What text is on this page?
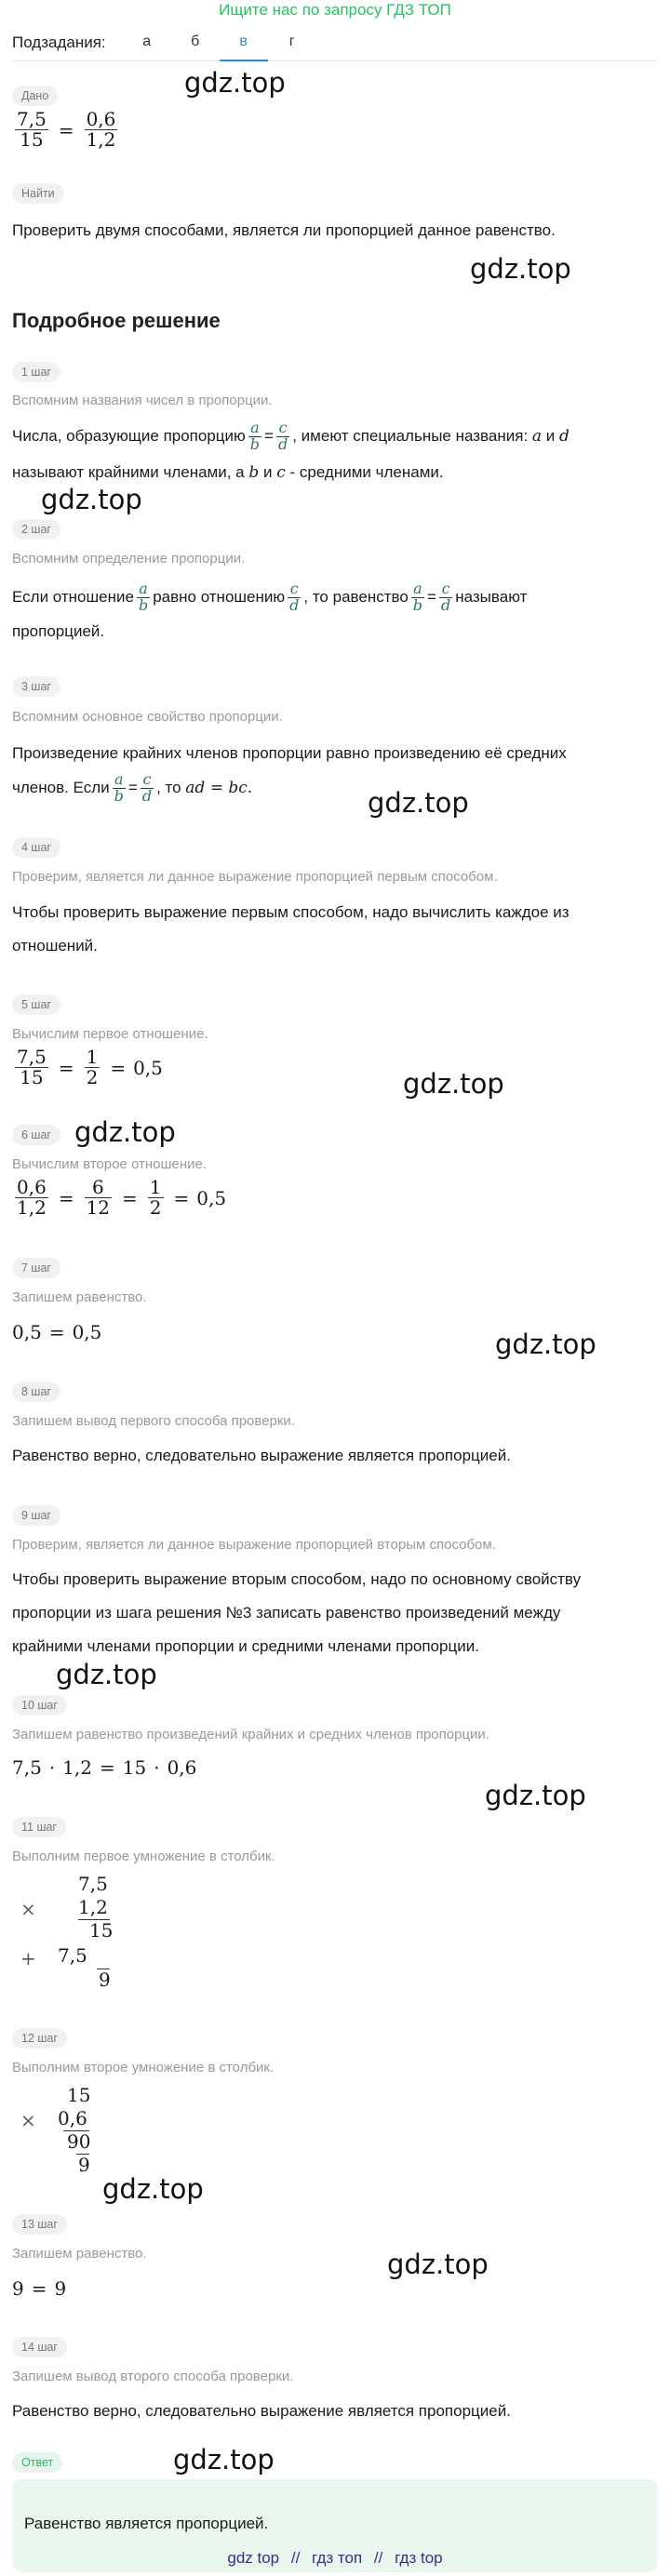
Ищите нас по запросу ГДЗ ТОП
Подзадания:	а	б	в	г
Дано
$\frac{7,5}{15} = \frac{0,6}{1,2}$
Найти
Проверить двумя способами, является ли пропорцией данное равенство.
Подробное решение
1 шаг
Вспомним названия чисел в пропорции.
Числа, образующие пропорцию $\frac{a}{b} = \frac{c}{d}$ , имеют специальные названия: a и d
называют крайними членами, а b и c - средними членами.
2 шаг
Вспомним определение пропорции.
Если отношение $\frac{a}{b}$ равно отношению $\frac{c}{d}$ , то равенство $\frac{a}{b} = \frac{c}{d}$ называют
пропорцией.
3 шаг
Вспомним основное свойство пропорции.
Произведение крайних членов пропорции равно произведению её средних
членов. Если $\frac{a}{b} = \frac{c}{d}$ , то ad = bc.
4 шаг
Проверим, является ли данное выражение пропорцией первым способом.
Чтобы проверить выражение первым способом, надо вычислить каждое из
отношений.
5 шаг
Вычислим первое отношение.
$\frac{7,5}{15} = \frac{1}{2} = 0,5$
6 шаг
Вычислим второе отношение.
$\frac{0,6}{1,2} = \frac{6}{12} = \frac{1}{2} = 0,5$
7 шаг
Запишем равенство.
0,5 = 0,5
8 шаг
Запишем вывод первого способа проверки.
Равенство верно, следовательно выражение является пропорцией.
9 шаг
Проверим, является ли данное выражение пропорцией вторым способом.
Чтобы проверить выражение вторым способом, надо по основному свойству
пропорции из шага решения №3 записать равенство произведений между
крайними членами пропорции и средними членами пропорции.
10 шаг
Запишем равенство произведений крайних и средних членов пропорции.
7,5 · 1,2 = 15 · 0,6
11 шаг
Выполним первое умножение в столбик.
7,5
× 1,2
15
+ 7,5
9
12 шаг
Выполним второе умножение в столбик.
15
× 0,6
90
9
13 шаг
Запишем равенство.
9 = 9
14 шаг
Запишем вывод второго способа проверки.
Равенство верно, следовательно выражение является пропорцией.
Ответ
Равенство является пропорцией.
gdz.top
gdz.top
gdz.top
gdz.top
gdz.top
gdz.top
gdz.top
gdz.top
gdz.top
gdz.top
gdz.top
gdz.top
gdz top // гдз топ // гдз top
